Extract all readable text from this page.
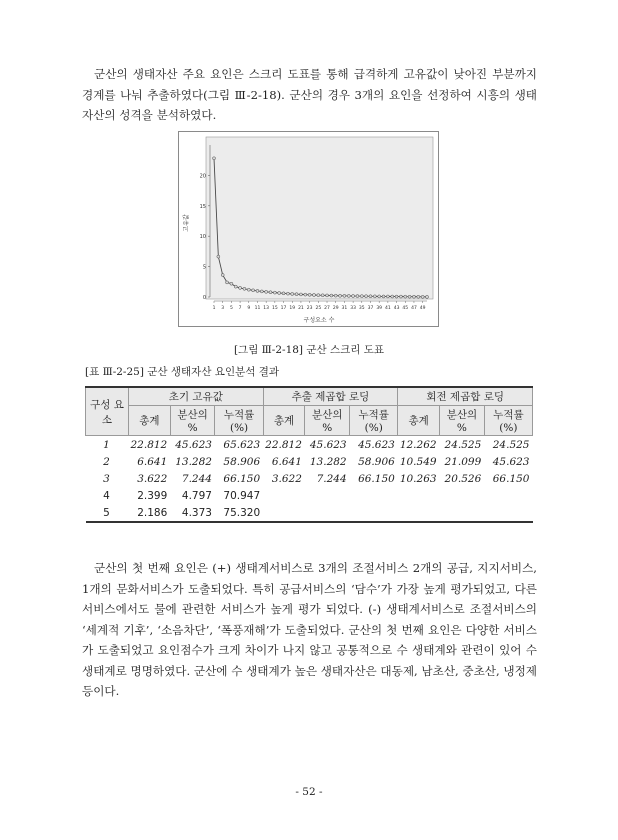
군산의 생태자산 주요 요인은 스크리 도표를 통해 급격하게 고유값이 낮아진 부분까지 경계를 나눠 추출하였다(그림 Ⅲ-2-18). 군산의 경우 3개의 요인을 선정하여 시흥의 생태자산의 성격을 분석하였다.

0
5
10
15
20
1 3 5 7 9 11 13 15 17 19 21 23 25 27 29 31 33 35 37 39 41 43 45 47 49
고유값
구성요소 수
[그림 Ⅲ-2-18] 군산 스크리 도표
[표 Ⅲ-2-25] 군산 생태자산 요인분석 결과
구성 요소	초기 고유값			추출 제곱합 로딩			회전 제곱합 로딩		
	총계	분산의 %	누적률 (%)	총계	분산의 %	누적률 (%)	총계	분산의 %	누적률 (%)
1	22.812	45.623	65.623	22.812	45.623	45.623	12.262	24.525	24.525
2	6.641	13.282	58.906	6.641	13.282	58.906	10.549	21.099	45.623
3	3.622	7.244	66.150	3.622	7.244	66.150	10.263	20.526	66.150
4	2.399	4.797	70.947						
5	2.186	4.373	75.320						

군산의 첫 번째 요인은 (+) 생태계서비스로 3개의 조절서비스 2개의 공급, 지지서비스, 1개의 문화서비스가 도출되었다. 특히 공급서비스의 ‘담수’가 가장 높게 평가되었고, 다른 서비스에서도 물에 관련한 서비스가 높게 평가 되었다. (-) 생태계서비스로 조절서비스의 ‘세계적 기후’, ‘소음차단’, ‘폭풍재해’가 도출되었다. 군산의 첫 번째 요인은 다양한 서비스가 도출되었고 요인점수가 크게 차이가 나지 않고 공통적으로 수 생태계와 관련이 있어 수 생태계로 명명하였다. 군산에 수 생태계가 높은 생태자산은 대동제, 남초산, 중초산, 냉정제 등이다.

- 52 -
